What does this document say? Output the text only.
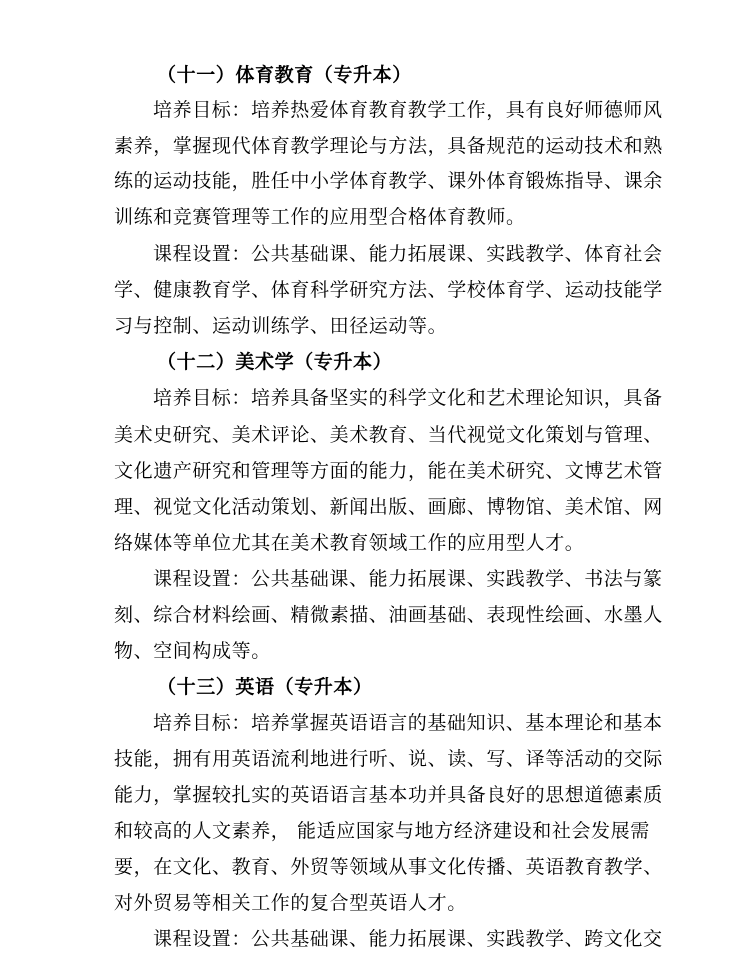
（十一）体育教育（专升本）
培养目标：培养热爱体育教育教学工作，具有良好师德师风
素养，掌握现代体育教学理论与方法，具备规范的运动技术和熟
练的运动技能，胜任中小学体育教学、课外体育锻炼指导、课余
训练和竞赛管理等工作的应用型合格体育教师。
课程设置：公共基础课、能力拓展课、实践教学、体育社会
学、健康教育学、体育科学研究方法、学校体育学、运动技能学
习与控制、运动训练学、田径运动等。
（十二）美术学（专升本）
培养目标：培养具备坚实的科学文化和艺术理论知识，具备
美术史研究、美术评论、美术教育、当代视觉文化策划与管理、
文化遗产研究和管理等方面的能力，能在美术研究、文博艺术管
理、视觉文化活动策划、新闻出版、画廊、博物馆、美术馆、网
络媒体等单位尤其在美术教育领域工作的应用型人才。
课程设置：公共基础课、能力拓展课、实践教学、书法与篆
刻、综合材料绘画、精微素描、油画基础、表现性绘画、水墨人
物、空间构成等。
（十三）英语（专升本）
培养目标：培养掌握英语语言的基础知识、基本理论和基本
技能，拥有用英语流利地进行听、说、读、写、译等活动的交际
能力，掌握较扎实的英语语言基本功并具备良好的思想道德素质
和较高的人文素养， 能适应国家与地方经济建设和社会发展需
要，在文化、教育、外贸等领域从事文化传播、英语教育教学、
对外贸易等相关工作的复合型英语人才。
课程设置：公共基础课、能力拓展课、实践教学、跨文化交
